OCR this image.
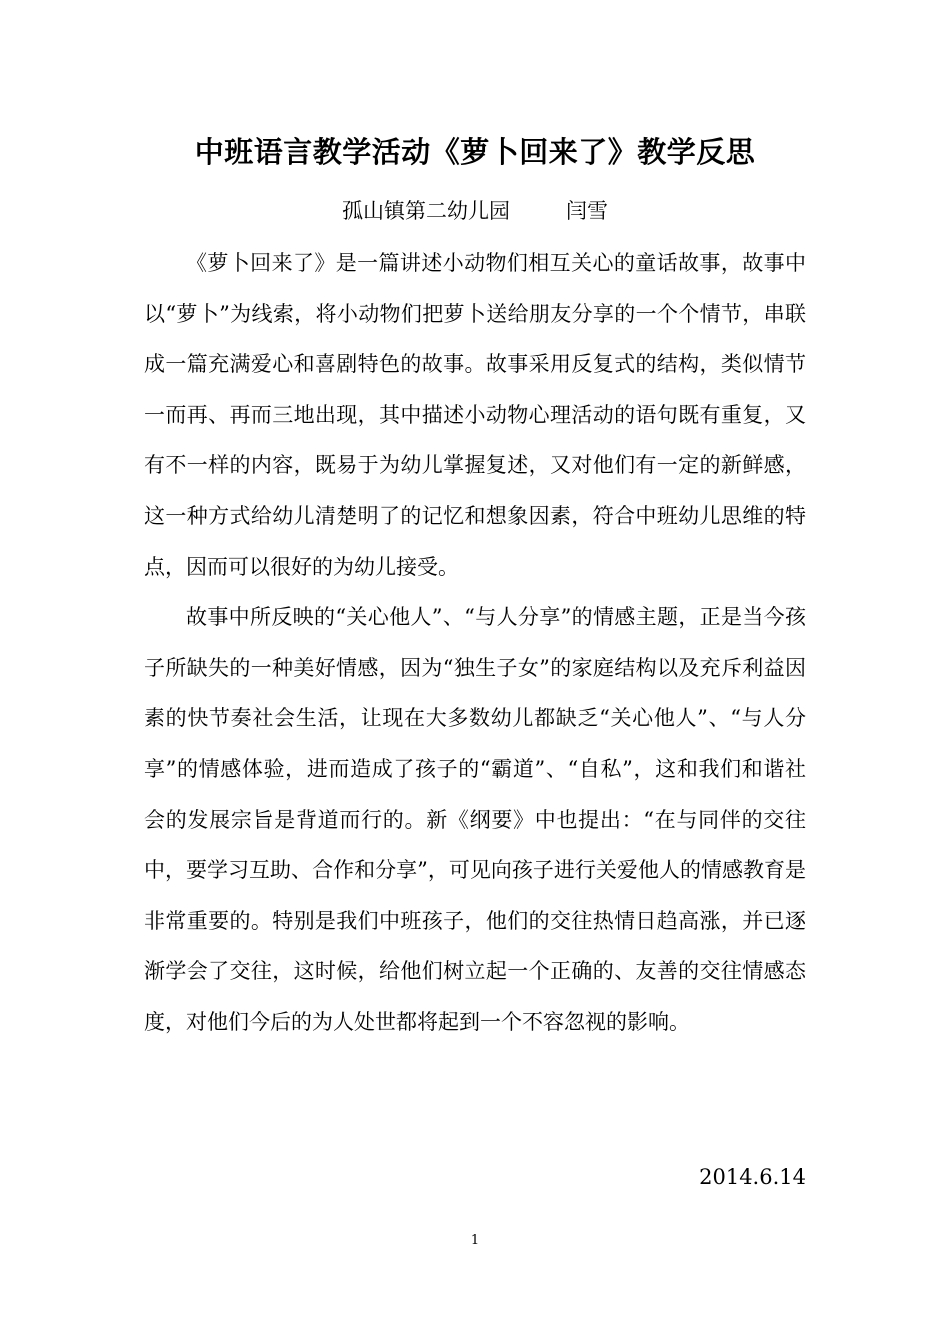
中班语言教学活动《萝卜回来了》教学反思
孤山镇第二幼儿园	闫雪

《萝卜回来了》是一篇讲述小动物们相互关心的童话故事，故事中以“萝卜”为线索，将小动物们把萝卜送给朋友分享的一个个情节，串联成一篇充满爱心和喜剧特色的故事。故事采用反复式的结构，类似情节一而再、再而三地出现，其中描述小动物心理活动的语句既有重复，又有不一样的内容，既易于为幼儿掌握复述，又对他们有一定的新鲜感，这一种方式给幼儿清楚明了的记忆和想象因素，符合中班幼儿思维的特点，因而可以很好的为幼儿接受。

故事中所反映的“关心他人”、“与人分享”的情感主题，正是当今孩子所缺失的一种美好情感，因为“独生子女”的家庭结构以及充斥利益因素的快节奏社会生活，让现在大多数幼儿都缺乏“关心他人”、“与人分享”的情感体验，进而造成了孩子的“霸道”、“自私”，这和我们和谐社会的发展宗旨是背道而行的。新《纲要》中也提出：“在与同伴的交往中，要学习互助、合作和分享”，可见向孩子进行关爱他人的情感教育是非常重要的。特别是我们中班孩子，他们的交往热情日趋高涨，并已逐渐学会了交往，这时候，给他们树立起一个正确的、友善的交往情感态度，对他们今后的为人处世都将起到一个不容忽视的影响。

2014.6.14
1
